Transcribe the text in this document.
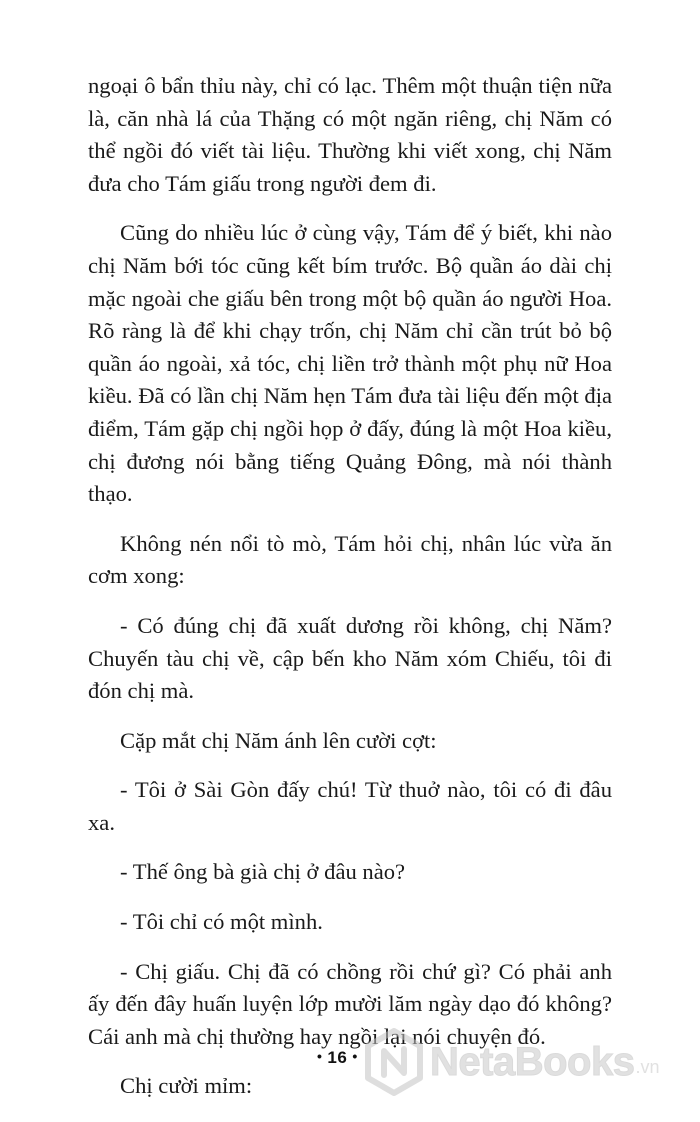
ngoại ô bẩn thỉu này, chỉ có lạc. Thêm một thuận tiện nữa là, căn nhà lá của Thặng có một ngăn riêng, chị Năm có thể ngồi đó viết tài liệu. Thường khi viết xong, chị Năm đưa cho Tám giấu trong người đem đi.

Cũng do nhiều lúc ở cùng vậy, Tám để ý biết, khi nào chị Năm bới tóc cũng kết bím trước. Bộ quần áo dài chị mặc ngoài che giấu bên trong một bộ quần áo người Hoa. Rõ ràng là để khi chạy trốn, chị Năm chỉ cần trút bỏ bộ quần áo ngoài, xả tóc, chị liền trở thành một phụ nữ Hoa kiều. Đã có lần chị Năm hẹn Tám đưa tài liệu đến một địa điểm, Tám gặp chị ngồi họp ở đấy, đúng là một Hoa kiều, chị đương nói bằng tiếng Quảng Đông, mà nói thành thạo.

Không nén nổi tò mò, Tám hỏi chị, nhân lúc vừa ăn cơm xong:

- Có đúng chị đã xuất dương rồi không, chị Năm? Chuyến tàu chị về, cập bến kho Năm xóm Chiếu, tôi đi đón chị mà.

Cặp mắt chị Năm ánh lên cười cợt:

- Tôi ở Sài Gòn đấy chú! Từ thuở nào, tôi có đi đâu xa.

- Thế ông bà già chị ở đâu nào?

- Tôi chỉ có một mình.

- Chị giấu. Chị đã có chồng rồi chứ gì? Có phải anh ấy đến đây huấn luyện lớp mười lăm ngày dạo đó không? Cái anh mà chị thường hay ngồi lại nói chuyện đó.

Chị cười mỉm:

• 16 • NetaBooks .vn
